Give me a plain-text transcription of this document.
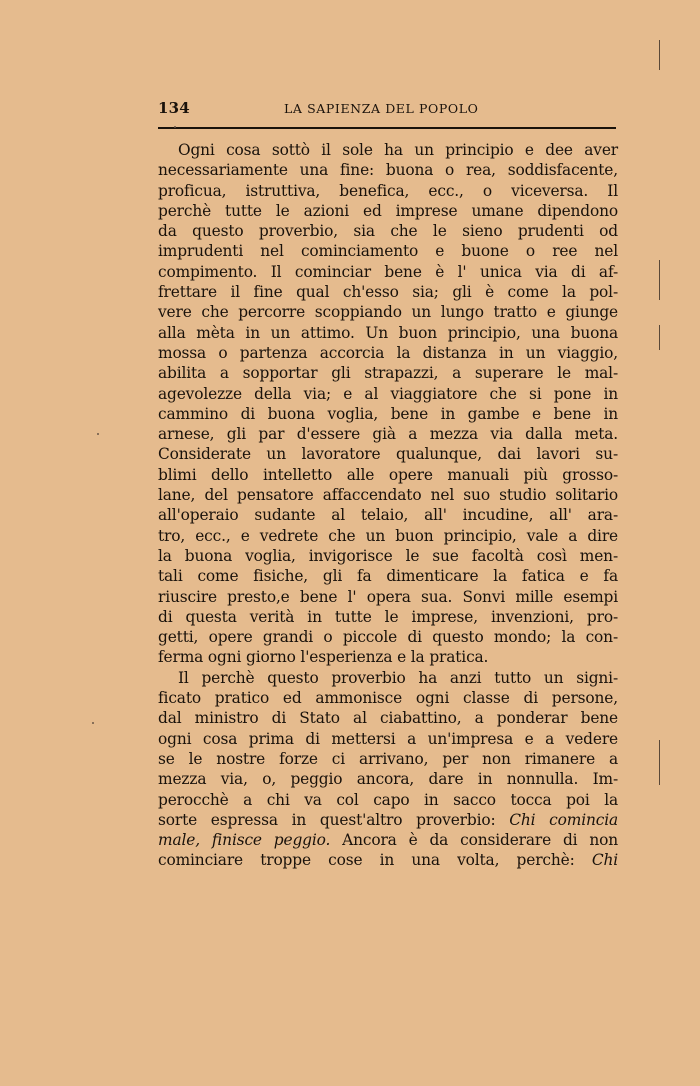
134	LA SAPIENZA DEL POPOLO
Ogni cosa sottò il sole ha un principio e dee aver
necessariamente una fine: buona o rea, soddisfacente,
proficua, istruttiva, benefica, ecc., o viceversa. Il
perchè tutte le azioni ed imprese umane dipendono
da questo proverbio, sia che le sieno prudenti od
imprudenti nel cominciamento e buone o ree nel
compimento. Il cominciar bene è l' unica via di af-
frettare il fine qual ch'esso sia; gli è come la pol-
vere che percorre scoppiando un lungo tratto e giunge
alla mèta in un attimo. Un buon principio, una buona
mossa o partenza accorcia la distanza in un viaggio,
abilita a sopportar gli strapazzi, a superare le mal-
agevolezze della via; e al viaggiatore che si pone in
cammino di buona voglia, bene in gambe e bene in
arnese, gli par d'essere già a mezza via dalla meta.
Considerate un lavoratore qualunque, dai lavori su-
blimi dello intelletto alle opere manuali più grosso-
lane, del pensatore affaccendato nel suo studio solitario
all'operaio sudante al telaio, all' incudine, all' ara-
tro, ecc., e vedrete che un buon principio, vale a dire
la buona voglia, invigorisce le sue facoltà così men-
tali come fisiche, gli fa dimenticare la fatica e fa
riuscire presto,e bene l' opera sua. Sonvi mille esempi
di questa verità in tutte le imprese, invenzioni, pro-
getti, opere grandi o piccole di questo mondo; la con-
ferma ogni giorno l'esperienza e la pratica.
Il perchè questo proverbio ha anzi tutto un signi-
ficato pratico ed ammonisce ogni classe di persone,
dal ministro di Stato al ciabattino, a ponderar bene
ogni cosa prima di mettersi a un'impresa e a vedere
se le nostre forze ci arrivano, per non rimanere a
mezza via, o, peggio ancora, dare in nonnulla. Im-
perocchè a chi va col capo in sacco tocca poi la
sorte espressa in quest'altro proverbio: Chi comincia
male, finisce peggio. Ancora è da considerare di non
cominciare troppe cose in una volta, perchè: Chi
